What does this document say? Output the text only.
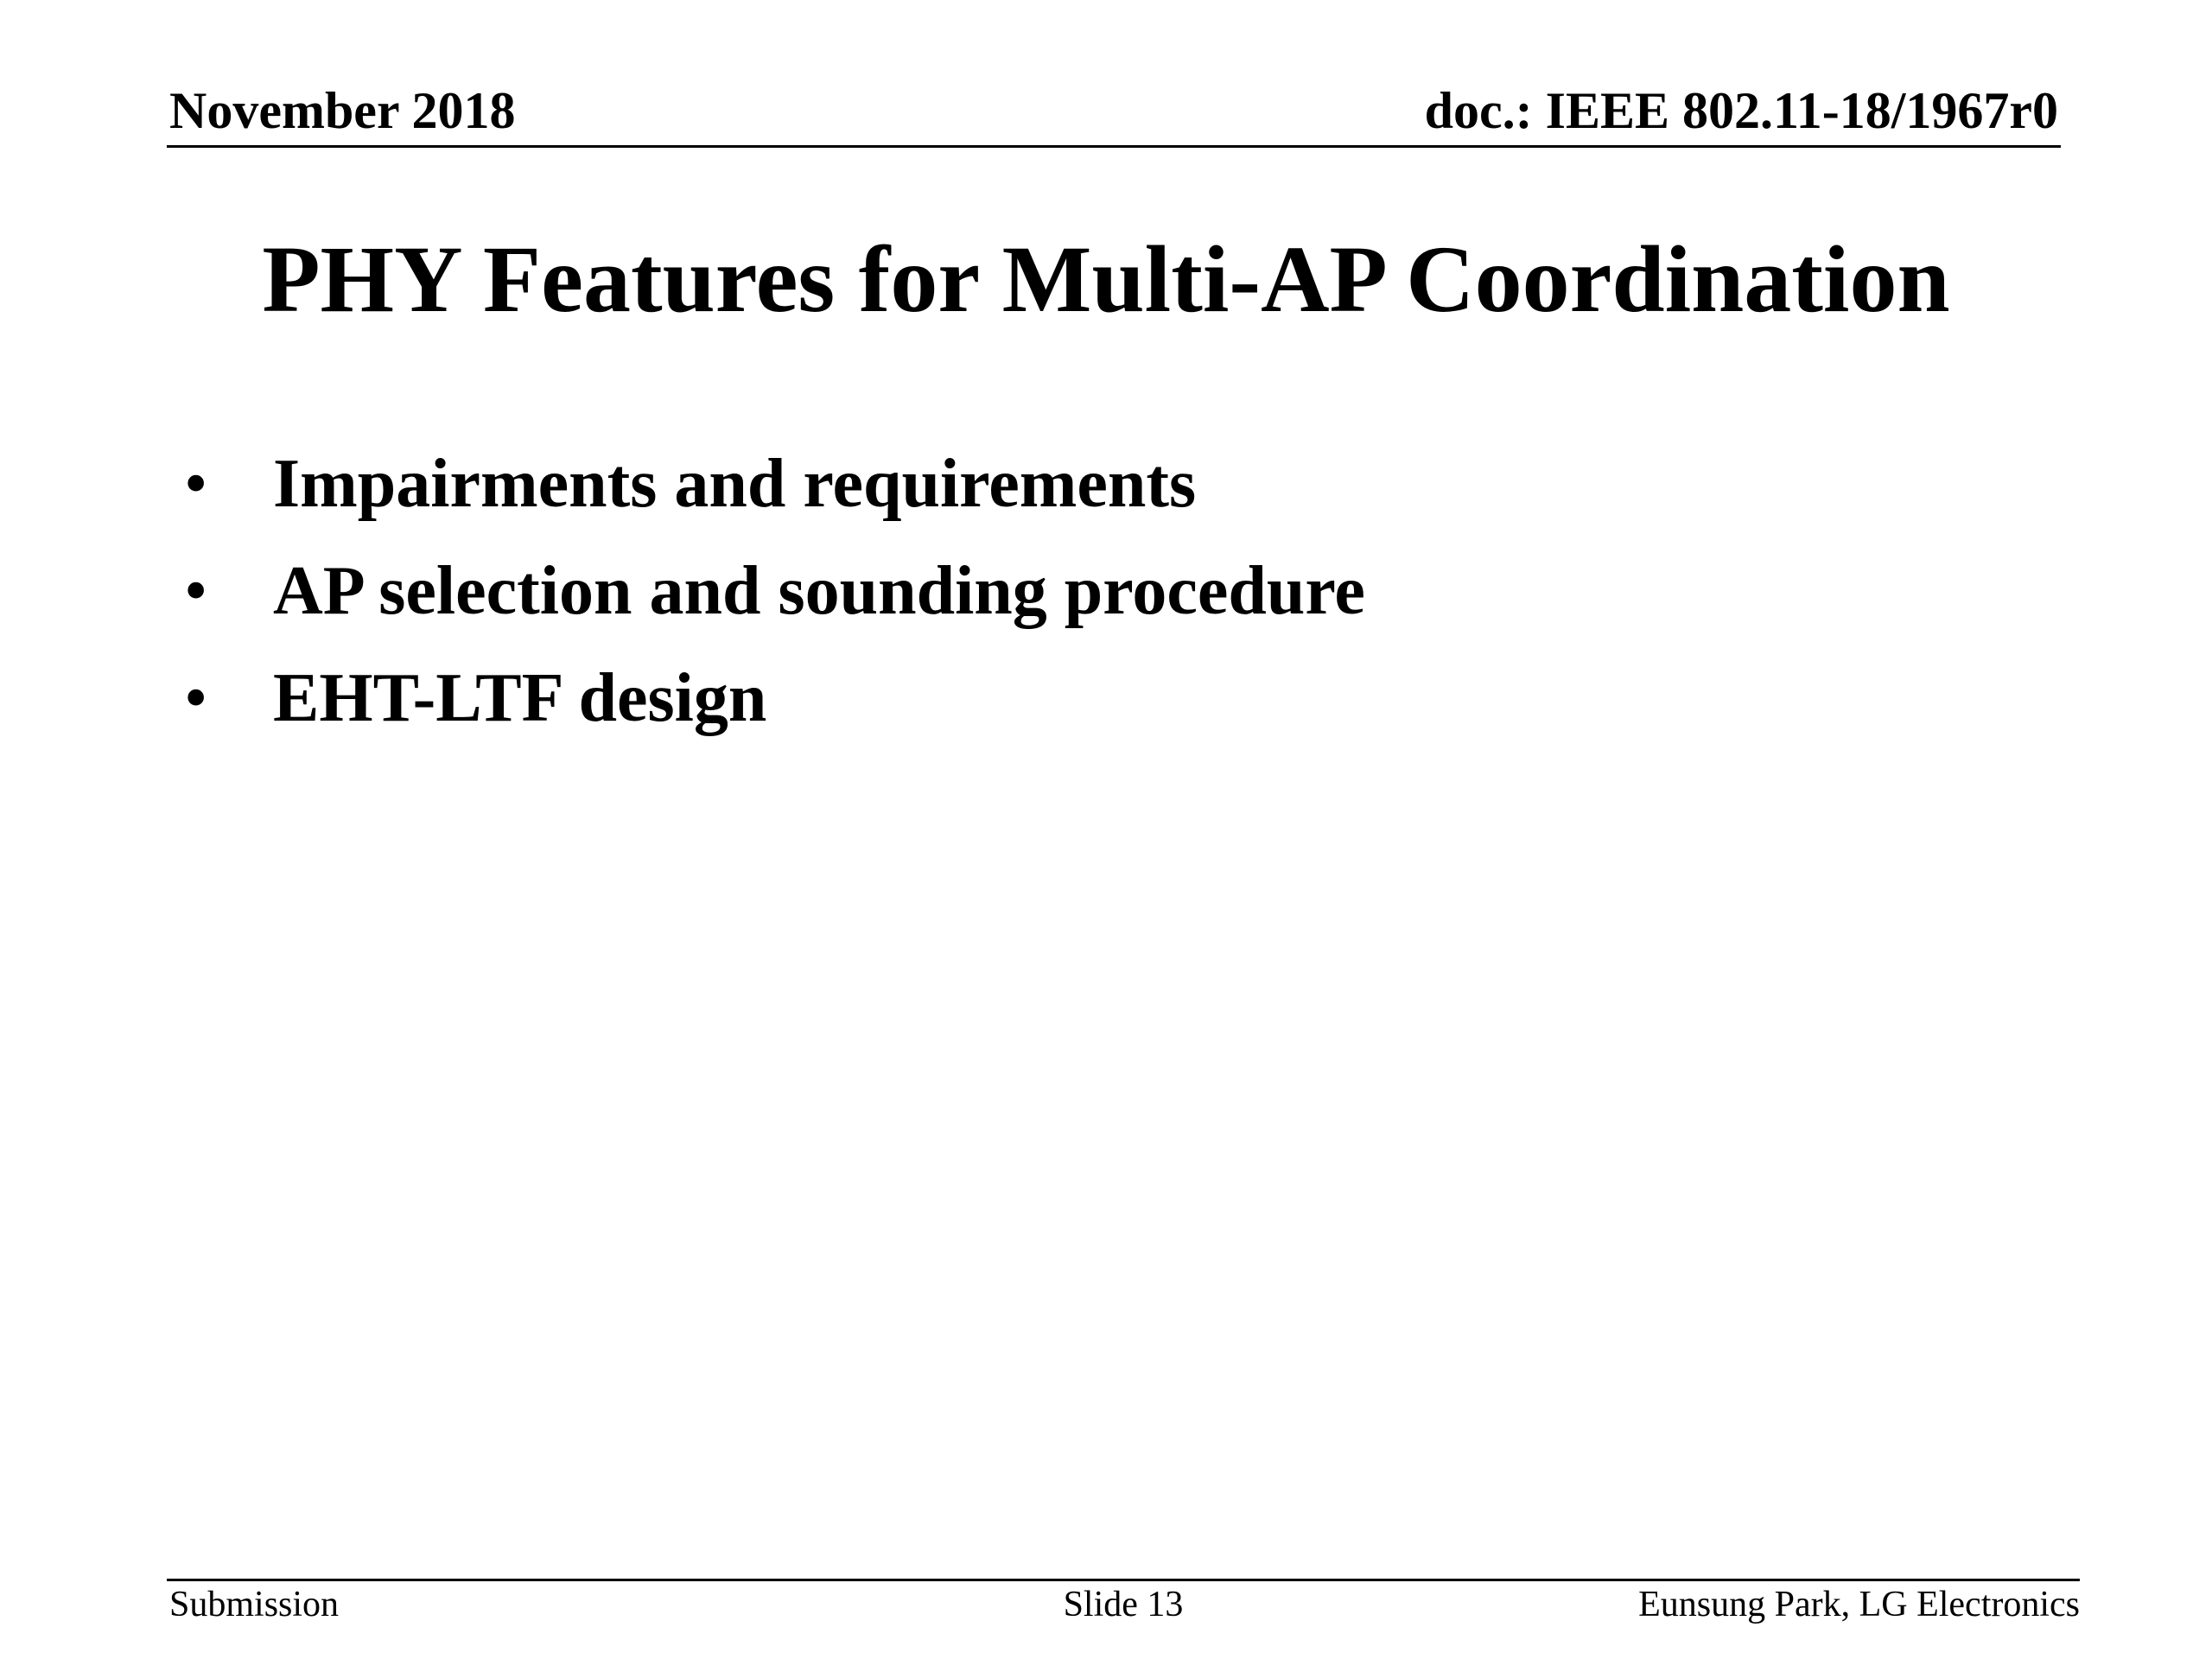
November 2018	doc.: IEEE 802.11-18/1967r0
PHY Features for Multi-AP Coordination
• Impairments and requirements
• AP selection and sounding procedure
• EHT-LTF design
Submission	Slide 13	Eunsung Park, LG Electronics
